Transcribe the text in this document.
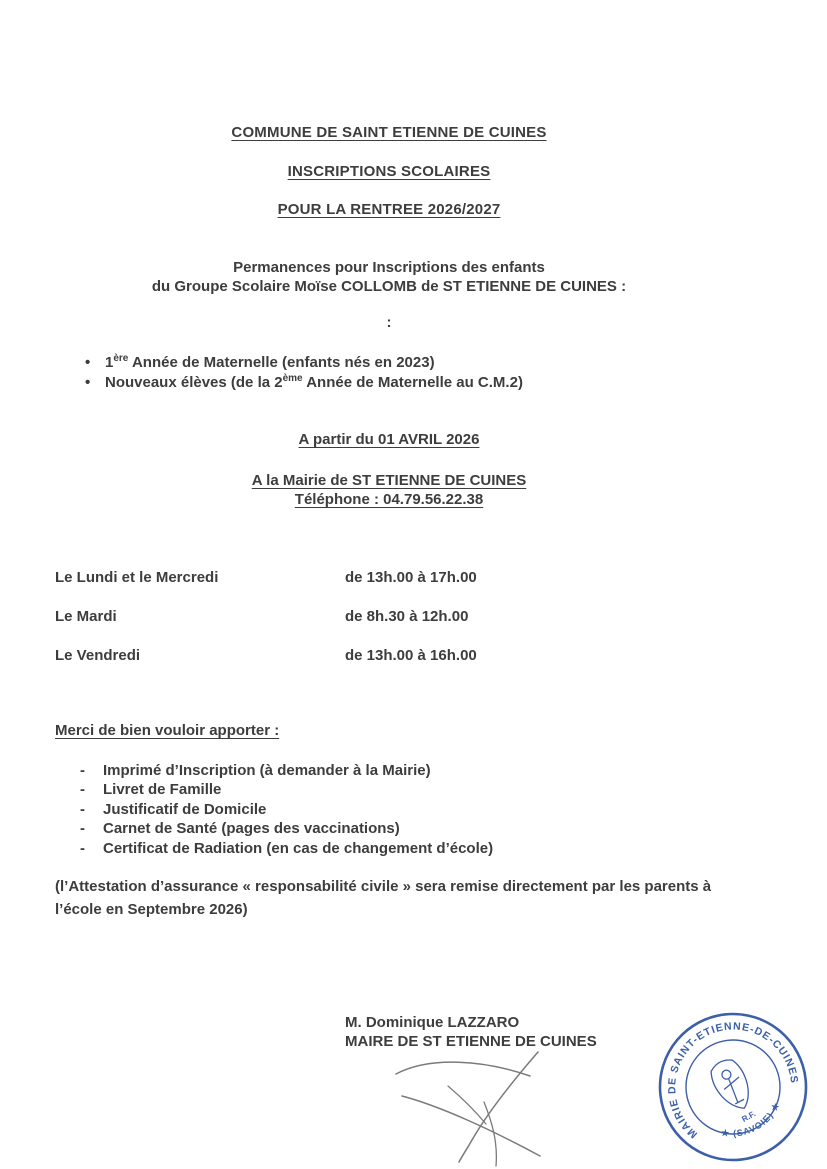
COMMUNE DE SAINT ETIENNE DE CUINES
INSCRIPTIONS SCOLAIRES
POUR LA RENTREE 2026/2027
Permanences pour Inscriptions des enfants
du Groupe Scolaire Moïse COLLOMB de ST ETIENNE DE CUINES :
:
• 1ère Année de Maternelle (enfants nés en 2023)
• Nouveaux élèves (de la 2ème Année de Maternelle au C.M.2)
A partir du 01 AVRIL 2026
A la Mairie de ST ETIENNE DE CUINES
Téléphone : 04.79.56.22.38
Le Lundi et le Mercredi	de 13h.00 à 17h.00
Le Mardi	de 8h.30 à 12h.00
Le Vendredi	de 13h.00 à 16h.00
Merci de bien vouloir apporter :
-	Imprimé d’Inscription (à demander à la Mairie)
-	Livret de Famille
-	Justificatif de Domicile
-	Carnet de Santé (pages des vaccinations)
-	Certificat de Radiation (en cas de changement d’école)
(l’Attestation d’assurance « responsabilité civile » sera remise directement par les parents à l’école en Septembre 2026)
M. Dominique LAZZARO
MAIRE DE ST ETIENNE DE CUINES
MAIRIE DE SAINT-ETIENNE-DE-CUINES
★ (SAVOIE) ★
R.F.
